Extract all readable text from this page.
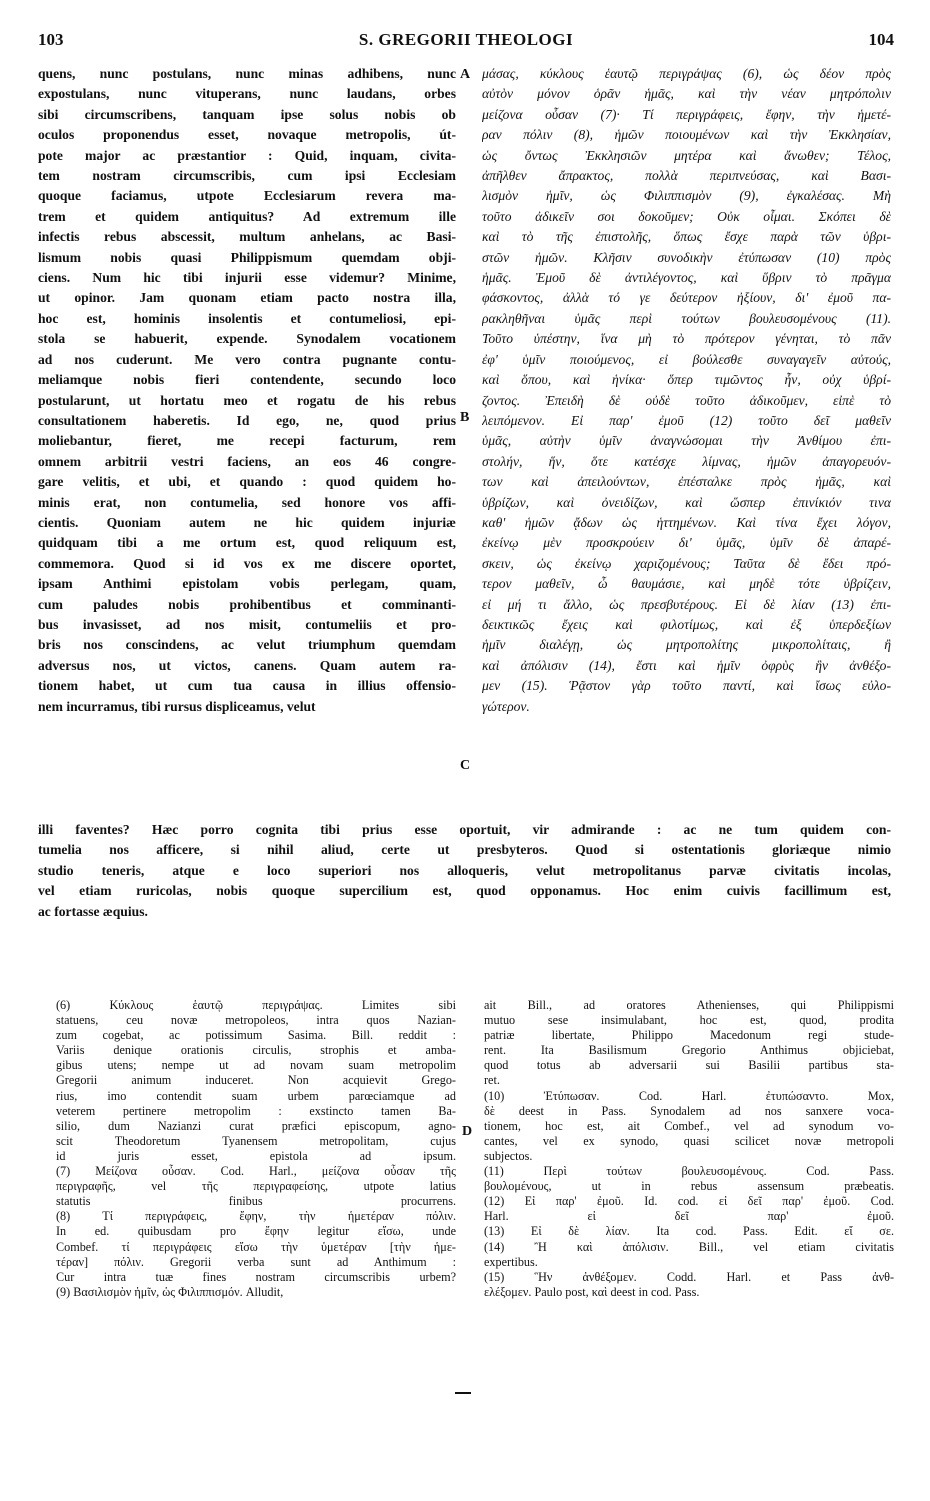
103	S. GREGORII THEOLOGI	104
quens, nunc postulans, nunc minas adhibens, nunc
expostulans, nunc vituperans, nunc laudans, orbes
sibi circumscribens, tanquam ipse solus nobis ob
oculos proponendus esset, novaque metropolis, út-
pote major ac præstantior : Quid, inquam, civita-
tem nostram circumscribis, cum ipsi Ecclesiam
quoque faciamus, utpote Ecclesiarum revera ma-
trem et quidem antiquitus? Ad extremum ille
infectis rebus abscessit, multum anhelans, ac Basi-
lismum nobis quasi Philippismum quemdam obji-
ciens. Num hic tibi injurii esse videmur? Minime,
ut opinor. Jam quonam etiam pacto nostra illa,
hoc est, hominis insolentis et contumeliosi, epi-
stola se habuerit, expende. Synodalem vocationem
ad nos cuderunt. Me vero contra pugnante contu-
meliamque nobis fieri contendente, secundo loco
postularunt, ut hortatu meo et rogatu de his rebus
consultationem haberetis. Id ego, ne, quod prius
moliebantur, fieret, me recepi facturum, rem
omnem arbitrii vestri faciens, an eos 46 congre-
gare velitis, et ubi, et quando : quod quidem ho-
minis erat, non contumelia, sed honore vos affi-
cientis. Quoniam autem ne hic quidem injuriæ
quidquam tibi a me ortum est, quod reliquum est,
commemora. Quod si id vos ex me discere oportet,
ipsam Anthimi epistolam vobis perlegam, quam,
cum paludes nobis prohibentibus et comminanti-
bus invasisset, ad nos misit, contumeliis et pro-
bris nos conscindens, ac velut triumphum quemdam
adversus nos, ut victos, canens. Quam autem ra-
tionem habet, ut cum tua causa in illius offensio-
nem incurramus, tibi rursus displiceamus, velut
μάσας, κύκλους ἑαυτῷ περιγράψας (6), ὡς δέον πρὸς
αὐτὸν μόνον ὁρᾶν ἡμᾶς, καὶ τὴν νέαν μητρόπολιν
μείζονα οὖσαν (7)· Τί περιγράφεις, ἔφην, τὴν ἡμετέ-
ραν πόλιν (8), ἡμῶν ποιουμένων καὶ τὴν Ἐκκλησίαν,
ὡς ὄντως Ἐκκλησιῶν μητέρα καὶ ἄνωθεν; Τέλος,
ἀπῆλθεν ἄπρακτος, πολλὰ περιπνεύσας, καὶ Βασι-
λισμὸν ἡμῖν, ὡς Φιλιππισμὸν (9), ἐγκαλέσας. Μὴ
τοῦτο ἀδικεῖν σοι δοκοῦμεν; Οὐκ οἶμαι. Σκόπει δὲ
καὶ τὸ τῆς ἐπιστολῆς, ὅπως ἔσχε παρὰ τῶν ὑβρι-
στῶν ἡμῶν. Κλῆσιν συνοδικὴν ἐτύπωσαν (10) πρὸς
ἡμᾶς. Ἐμοῦ δὲ ἀντιλέγοντος, καὶ ὕβριν τὸ πρᾶγμα
φάσκοντος, ἀλλὰ τό γε δεύτερον ἠξίουν, δι' ἐμοῦ πα-
ρακληθῆναι ὑμᾶς περὶ τούτων βουλευσομένους (11).
Τοῦτο ὑπέστην, ἵνα μὴ τὸ πρότερον γένηται, τὸ πᾶν
ἐφ' ὑμῖν ποιούμενος, εἰ βούλεσθε συναγαγεῖν αὐτούς,
καὶ ὅπου, καὶ ἡνίκα· ὅπερ τιμῶντος ἦν, οὐχ ὑβρί-
ζοντος. Ἐπειδὴ δὲ οὐδὲ τοῦτο ἀδικοῦμεν, εἰπὲ τὸ
λειπόμενον. Εἰ παρ' ἐμοῦ (12) τοῦτο δεῖ μαθεῖν
ὑμᾶς, αὐτὴν ὑμῖν ἀναγνώσομαι τὴν Ἀνθίμου ἐπι-
στολήν, ἥν, ὅτε κατέσχε λίμνας, ἡμῶν ἀπαγορευόν-
των καὶ ἀπειλούντων, ἐπέσταλκε πρὸς ἡμᾶς, καὶ
ὑβρίζων, καὶ ὀνειδίζων, καὶ ὥσπερ ἐπινίκιόν τινα
καθ' ἡμῶν ᾄδων ὡς ἡττημένων. Καὶ τίνα ἔχει λόγον,
ἐκείνῳ μὲν προσκρούειν δι' ὑμᾶς, ὑμῖν δὲ ἀπαρέ-
σκειν, ὡς ἐκείνῳ χαριζομένους; Ταῦτα δὲ ἔδει πρό-
τερον μαθεῖν, ὦ θαυμάσιε, καὶ μηδὲ τότε ὑβρίζειν,
εἰ μή τι ἄλλο, ὡς πρεσβυτέρους. Εἰ δὲ λίαν (13) ἐπι-
δεικτικῶς ἔχεις καὶ φιλοτίμως, καὶ ἐξ ὑπερδεξίων
ἡμῖν διαλέγῃ, ὡς μητροπολίτης μικροπολίταις, ἢ
καὶ ἀπόλισιν (14), ἔστι καὶ ἡμῖν ὀφρὺς ἣν ἀνθέξο-
μεν (15). Ῥᾷστον γὰρ τοῦτο παντί, καὶ ἴσως εὐλο-
γώτερον.
A
B
C
D
illi faventes? Hæc porro cognita tibi prius esse oportuit, vir admirande : ac ne tum quidem con-
tumelia nos afficere, si nihil aliud, certe ut presbyteros. Quod si ostentationis gloriæque nimio
studio teneris, atque e loco superiori nos alloqueris, velut metropolitanus parvæ civitatis incolas,
vel etiam ruricolas, nobis quoque supercilium est, quod opponamus. Hoc enim cuivis facillimum est,
ac fortasse æquius.
(6) Κύκλους ἑαυτῷ περιγράψας. Limites sibi
statuens, ceu novæ metropoleos, intra quos Nazian-
zum cogebat, ac potissimum Sasima. Bill. reddit :
Variis denique orationis circulis, strophis et amba-
gibus utens; nempe ut ad novam suam metropolim
Gregorii animum induceret. Non acquievit Grego-
rius, imo contendit suam urbem parœciamque ad
veterem pertinere metropolim : exstincto tamen Ba-
silio, dum Nazianzi curat præfici episcopum, agno-
scit Theodoretum Tyanensem metropolitam, cujus
id juris esset, epistola ad ipsum.
(7) Μείζονα οὖσαν. Cod. Harl., μείζονα οὖσαν τῆς
περιγραφῆς, vel τῆς περιγραφείσης, utpote latius
statutis finibus procurrens.
(8) Τί περιγράφεις, ἔφην, τὴν ἡμετέραν πόλιν.
In ed. quibusdam pro ἔφην legitur εἴσω, unde
Combef. τί περιγράφεις εἴσω τὴν ὑμετέραν [τὴν ἡμε-
τέραν] πόλιν. Gregorii verba sunt ad Anthimum :
Cur intra tuæ fines nostram circumscribis urbem?
(9) Βασιλισμὸν ἡμῖν, ὡς Φιλιππισμόν. Alludit,
ait Bill., ad oratores Athenienses, qui Philippismi
mutuo sese insimulabant, hoc est, quod, prodita
patriæ libertate, Philippo Macedonum regi stude-
rent. Ita Basilismum Gregorio Anthimus objiciebat,
quod totus ab adversarii sui Basilii partibus sta-
ret.
(10) Ἐτύπωσαν. Cod. Harl. ἐτυπώσαντο. Mox,
δὲ deest in Pass. Synodalem ad nos sanxere voca-
tionem, hoc est, ait Combef., vel ad synodum vo-
cantes, vel ex synodo, quasi scilicet novæ metropoli
subjectos.
(11) Περὶ τούτων βουλευσομένους. Cod. Pass.
βουλομένους, ut in rebus assensum præbeatis.
(12) Εἰ παρ' ἐμοῦ. Id. cod. εἰ δεῖ παρ' ἐμοῦ. Cod.
Harl. εἰ δεῖ παρ' ἐμοῦ.
(13) Εἰ δὲ λίαν. Ita cod. Pass. Edit. εἴ σε.
(14) Ἢ καὶ ἀπόλισιν. Bill., vel etiam civitatis
expertibus.
(15) Ἣν ἀνθέξομεν. Codd. Harl. et Pass ἀνθ-
ελέξομεν. Paulo post, καὶ deest in cod. Pass.
